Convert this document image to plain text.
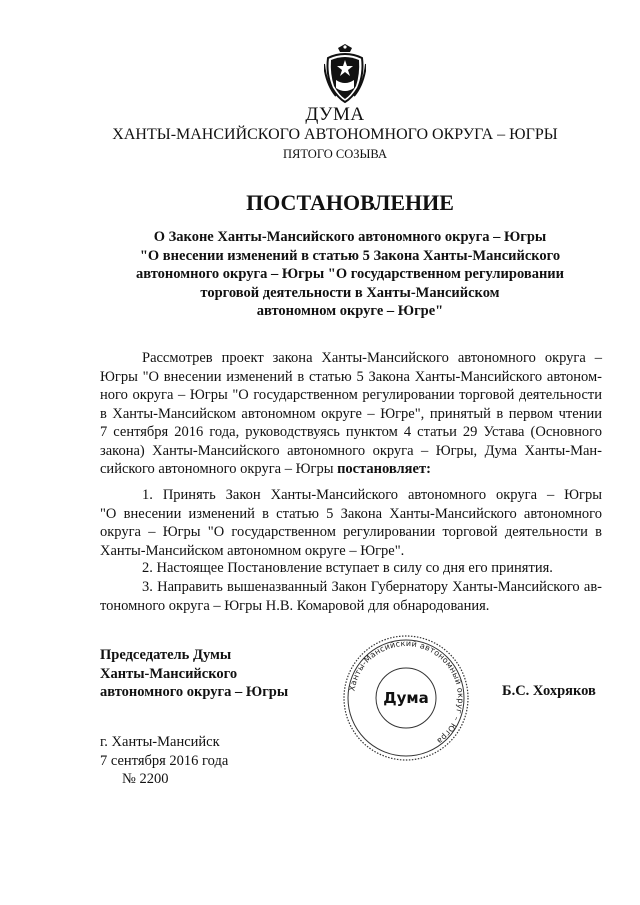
ДУМА
ХАНТЫ-МАНСИЙСКОГО АВТОНОМНОГО ОКРУГА – ЮГРЫ
ПЯТОГО СОЗЫВА
ПОСТАНОВЛЕНИЕ
О Законе Ханты-Мансийского автономного округа – Югры
"О внесении изменений в статью 5 Закона Ханты-Мансийского
автономного округа – Югры "О государственном регулировании
торговой деятельности в Ханты-Мансийском
автономном округе – Югре"
Рассмотрев проект закона Ханты-Мансийского автономного округа –
Югры "О внесении изменений в статью 5 Закона Ханты-Мансийского автоном-
ного округа – Югры "О государственном регулировании торговой деятельности
в Ханты-Мансийском автономном округе – Югре", принятый в первом чтении
7 сентября 2016 года, руководствуясь пунктом 4 статьи 29 Устава (Основного
закона) Ханты-Мансийского автономного округа – Югры, Дума Ханты-Ман-
сийского автономного округа – Югры постановляет:
1. Принять Закон Ханты-Мансийского автономного округа – Югры
"О внесении изменений в статью 5 Закона Ханты-Мансийского автономного
округа – Югры "О государственном регулировании торговой деятельности в
Ханты-Мансийском автономном округе – Югре".
2. Настоящее Постановление вступает в силу со дня его принятия.
3. Направить вышеназванный Закон Губернатору Ханты-Мансийского ав-
тономного округа – Югры Н.В. Комаровой для обнародования.
Председатель Думы
Ханты-Мансийского
автономного округа – Югры	Ханты-Мансийский автономный округ – Югра
Дума	Б.С. Хохряков
г. Ханты-Мансийск
7 сентября 2016 года
№ 2200
